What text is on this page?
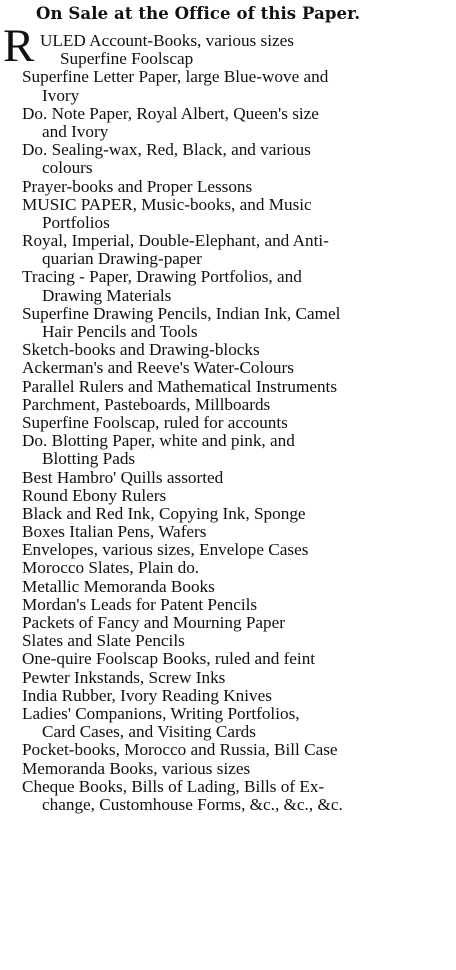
On Sale at the Office of this Paper.
R ULED Account-Books, various sizes
Superfine Foolscap
Superfine Letter Paper, large Blue-wove and
Ivory
Do. Note Paper, Royal Albert, Queen's size
and Ivory
Do. Sealing-wax, Red, Black, and various
colours
Prayer-books and Proper Lessons
MUSIC PAPER, Music-books, and Music
Portfolios
Royal, Imperial, Double-Elephant, and Anti-
quarian Drawing-paper
Tracing - Paper, Drawing Portfolios, and
Drawing Materials
Superfine Drawing Pencils, Indian Ink, Camel
Hair Pencils and Tools
Sketch-books and Drawing-blocks
Ackerman's and Reeve's Water-Colours
Parallel Rulers and Mathematical Instruments
Parchment, Pasteboards, Millboards
Superfine Foolscap, ruled for accounts
Do. Blotting Paper, white and pink, and
Blotting Pads
Best Hambro' Quills assorted
Round Ebony Rulers
Black and Red Ink, Copying Ink, Sponge
Boxes Italian Pens, Wafers
Envelopes, various sizes, Envelope Cases
Morocco Slates, Plain do.
Metallic Memoranda Books
Mordan's Leads for Patent Pencils
Packets of Fancy and Mourning Paper
Slates and Slate Pencils
One-quire Foolscap Books, ruled and feint
Pewter Inkstands, Screw Inks
India Rubber, Ivory Reading Knives
Ladies' Companions, Writing Portfolios,
Card Cases, and Visiting Cards
Pocket-books, Morocco and Russia, Bill Case
Memoranda Books, various sizes
Cheque Books, Bills of Lading, Bills of Ex-
change, Customhouse Forms, &c., &c., &c.
